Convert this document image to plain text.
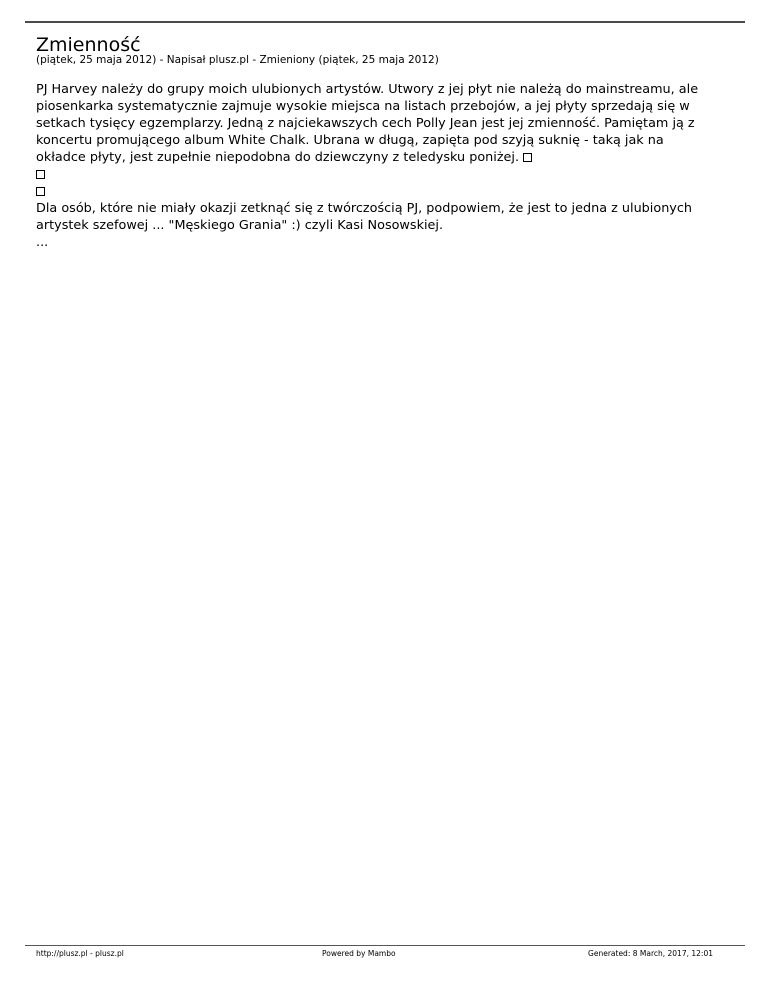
Zmienność
(piątek, 25 maja 2012) - Napisał plusz.pl - Zmieniony (piątek, 25 maja 2012)
PJ Harvey należy do grupy moich ulubionych artystów. Utwory z jej płyt nie należą do mainstreamu, ale
piosenkarka systematycznie zajmuje wysokie miejsca na listach przebojów, a jej płyty sprzedają się w
setkach tysięcy egzemplarzy. Jedną z najciekawszych cech Polly Jean jest jej zmienność. Pamiętam ją z
koncertu promującego album White Chalk. Ubrana w długą, zapięta pod szyją suknię - taką jak na
okładce płyty, jest zupełnie niepodobna do dziewczyny z teledysku poniżej.
Dla osób, które nie miały okazji zetknąć się z twórczością PJ, podpowiem, że jest to jedna z ulubionych
artystek szefowej ... "Męskiego Grania" :) czyli Kasi Nosowskiej.
...
http://plusz.pl - plusz.pl	Powered by Mambo	Generated: 8 March, 2017, 12:01
